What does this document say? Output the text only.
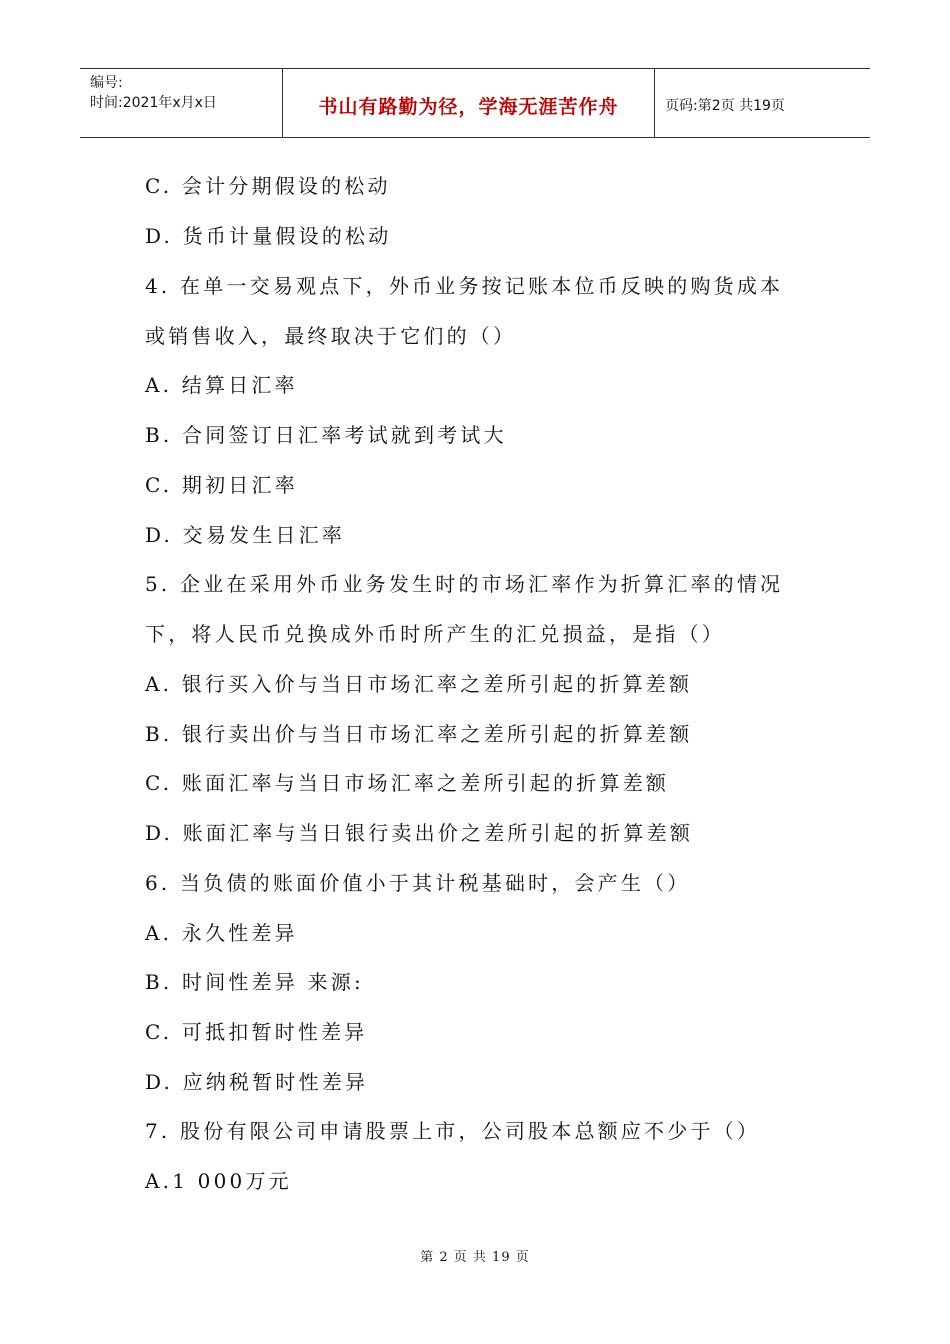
编号:
时间:2021年x月x日	书山有路勤为径，学海无涯苦作舟	页码:第2页 共19页
C. 会计分期假设的松动
D. 货币计量假设的松动
4. 在单一交易观点下，外币业务按记账本位币反映的购货成本
或销售收入，最终取决于它们的（）
A. 结算日汇率
B. 合同签订日汇率考试就到考试大
C. 期初日汇率
D. 交易发生日汇率
5. 企业在采用外币业务发生时的市场汇率作为折算汇率的情况
下，将人民币兑换成外币时所产生的汇兑损益，是指（）
A. 银行买入价与当日市场汇率之差所引起的折算差额
B. 银行卖出价与当日市场汇率之差所引起的折算差额
C. 账面汇率与当日市场汇率之差所引起的折算差额
D. 账面汇率与当日银行卖出价之差所引起的折算差额
6. 当负债的账面价值小于其计税基础时，会产生（）
A. 永久性差异
B. 时间性差异 来源:
C. 可抵扣暂时性差异
D. 应纳税暂时性差异
7. 股份有限公司申请股票上市，公司股本总额应不少于（）
A.1 000万元
第 2 页 共 19 页
